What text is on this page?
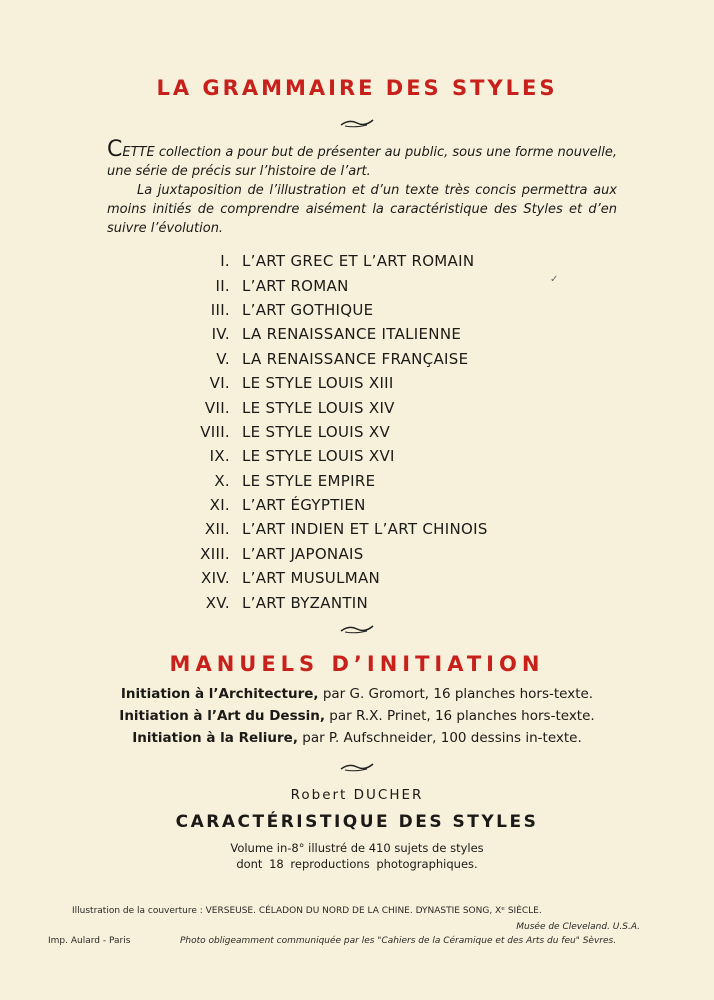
LA GRAMMAIRE DES STYLES

CETTE collection a pour but de présenter au public, sous une forme nouvelle, une série de précis sur l’histoire de l’art.

La juxtaposition de l’illustration et d’un texte très concis permettra aux moins initiés de comprendre aisément la caractéristique des Styles et d’en suivre l’évolution.

I. L’ART GREC ET L’ART ROMAIN
II. L’ART ROMAN
III. L’ART GOTHIQUE
IV. LA RENAISSANCE ITALIENNE
V. LA RENAISSANCE FRANÇAISE
VI. LE STYLE LOUIS XIII
VII. LE STYLE LOUIS XIV
VIII. LE STYLE LOUIS XV
IX. LE STYLE LOUIS XVI
X. LE STYLE EMPIRE
XI. L’ART ÉGYPTIEN
XII. L’ART INDIEN ET L’ART CHINOIS
XIII. L’ART JAPONAIS
XIV. L’ART MUSULMAN
XV. L’ART BYZANTIN
MANUELS D’INITIATION
Initiation à l’Architecture, par G. Gromort, 16 planches hors-texte.
Initiation à l’Art du Dessin, par R.X. Prinet, 16 planches hors-texte.
Initiation à la Reliure, par P. Aufschneider, 100 dessins in-texte.
Robert DUCHER
CARACTÉRISTIQUE DES STYLES
Volume in-8° illustré de 410 sujets de styles
dont 18 reproductions photographiques.
Illustration de la couverture : VERSEUSE. CÉLADON DU NORD DE LA CHINE. DYNASTIE SONG, Xᵉ SIÈCLE.
Musée de Cleveland. U.S.A.
Imp. Aulard - Paris	Photo obligeamment communiquée par les "Cahiers de la Céramique et des Arts du feu" Sèvres.
✓
